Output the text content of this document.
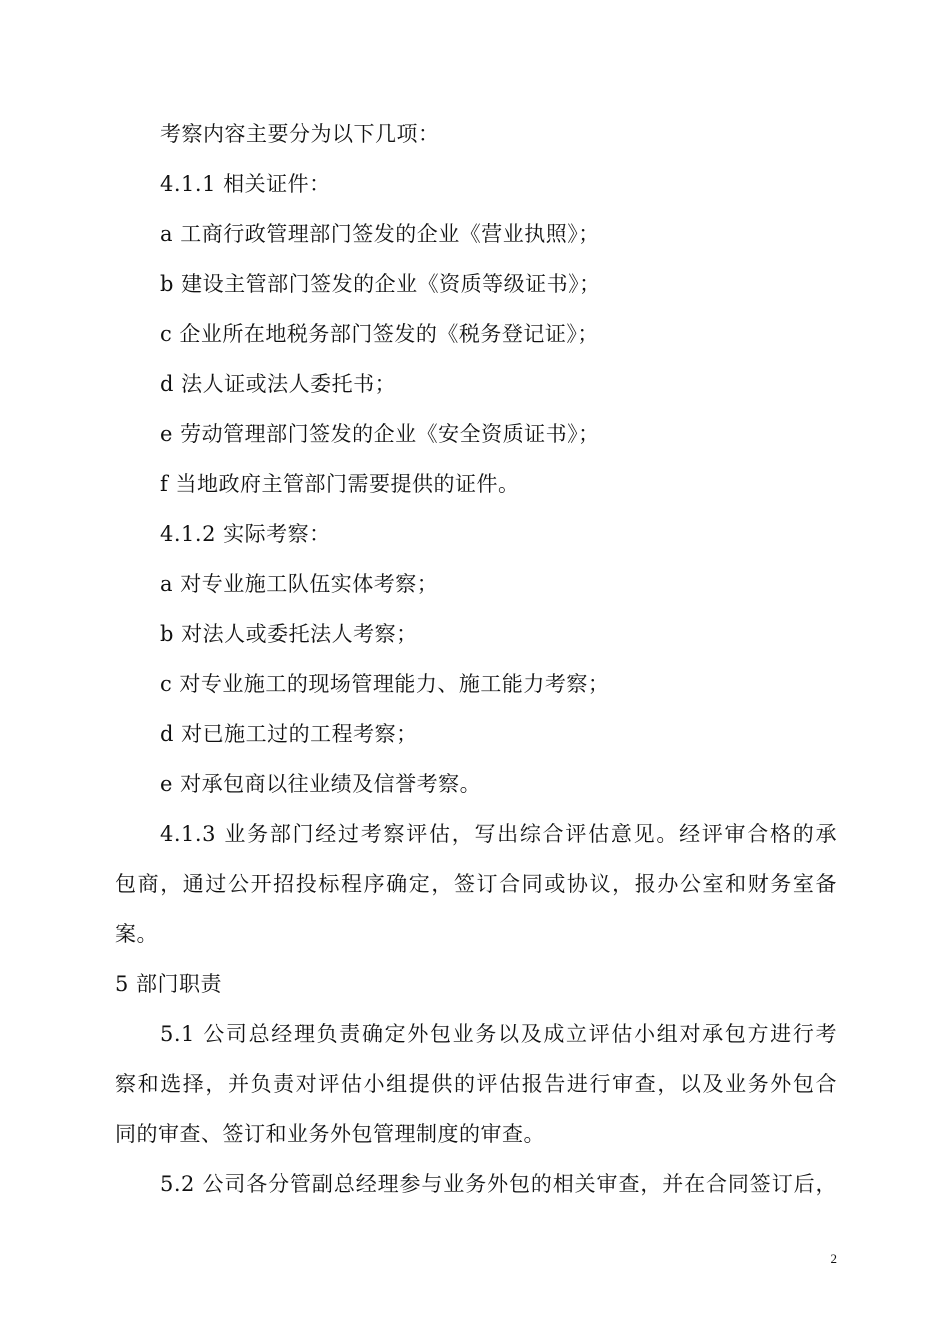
考察内容主要分为以下几项：
4.1.1 相关证件：
a 工商行政管理部门签发的企业《营业执照》；
b 建设主管部门签发的企业《资质等级证书》；
c 企业所在地税务部门签发的《税务登记证》；
d 法人证或法人委托书；
e 劳动管理部门签发的企业《安全资质证书》；
f 当地政府主管部门需要提供的证件。
4.1.2 实际考察：
a 对专业施工队伍实体考察；
b 对法人或委托法人考察；
c 对专业施工的现场管理能力、施工能力考察；
d 对已施工过的工程考察；
e 对承包商以往业绩及信誉考察。
4.1.3 业务部门经过考察评估，写出综合评估意见。经评审合格的承
包商，通过公开招投标程序确定，签订合同或协议，报办公室和财务室备
案。
5 部门职责
5.1 公司总经理负责确定外包业务以及成立评估小组对承包方进行考
察和选择，并负责对评估小组提供的评估报告进行审查，以及业务外包合
同的审查、签订和业务外包管理制度的审查。
5.2 公司各分管副总经理参与业务外包的相关审查，并在合同签订后，
2
